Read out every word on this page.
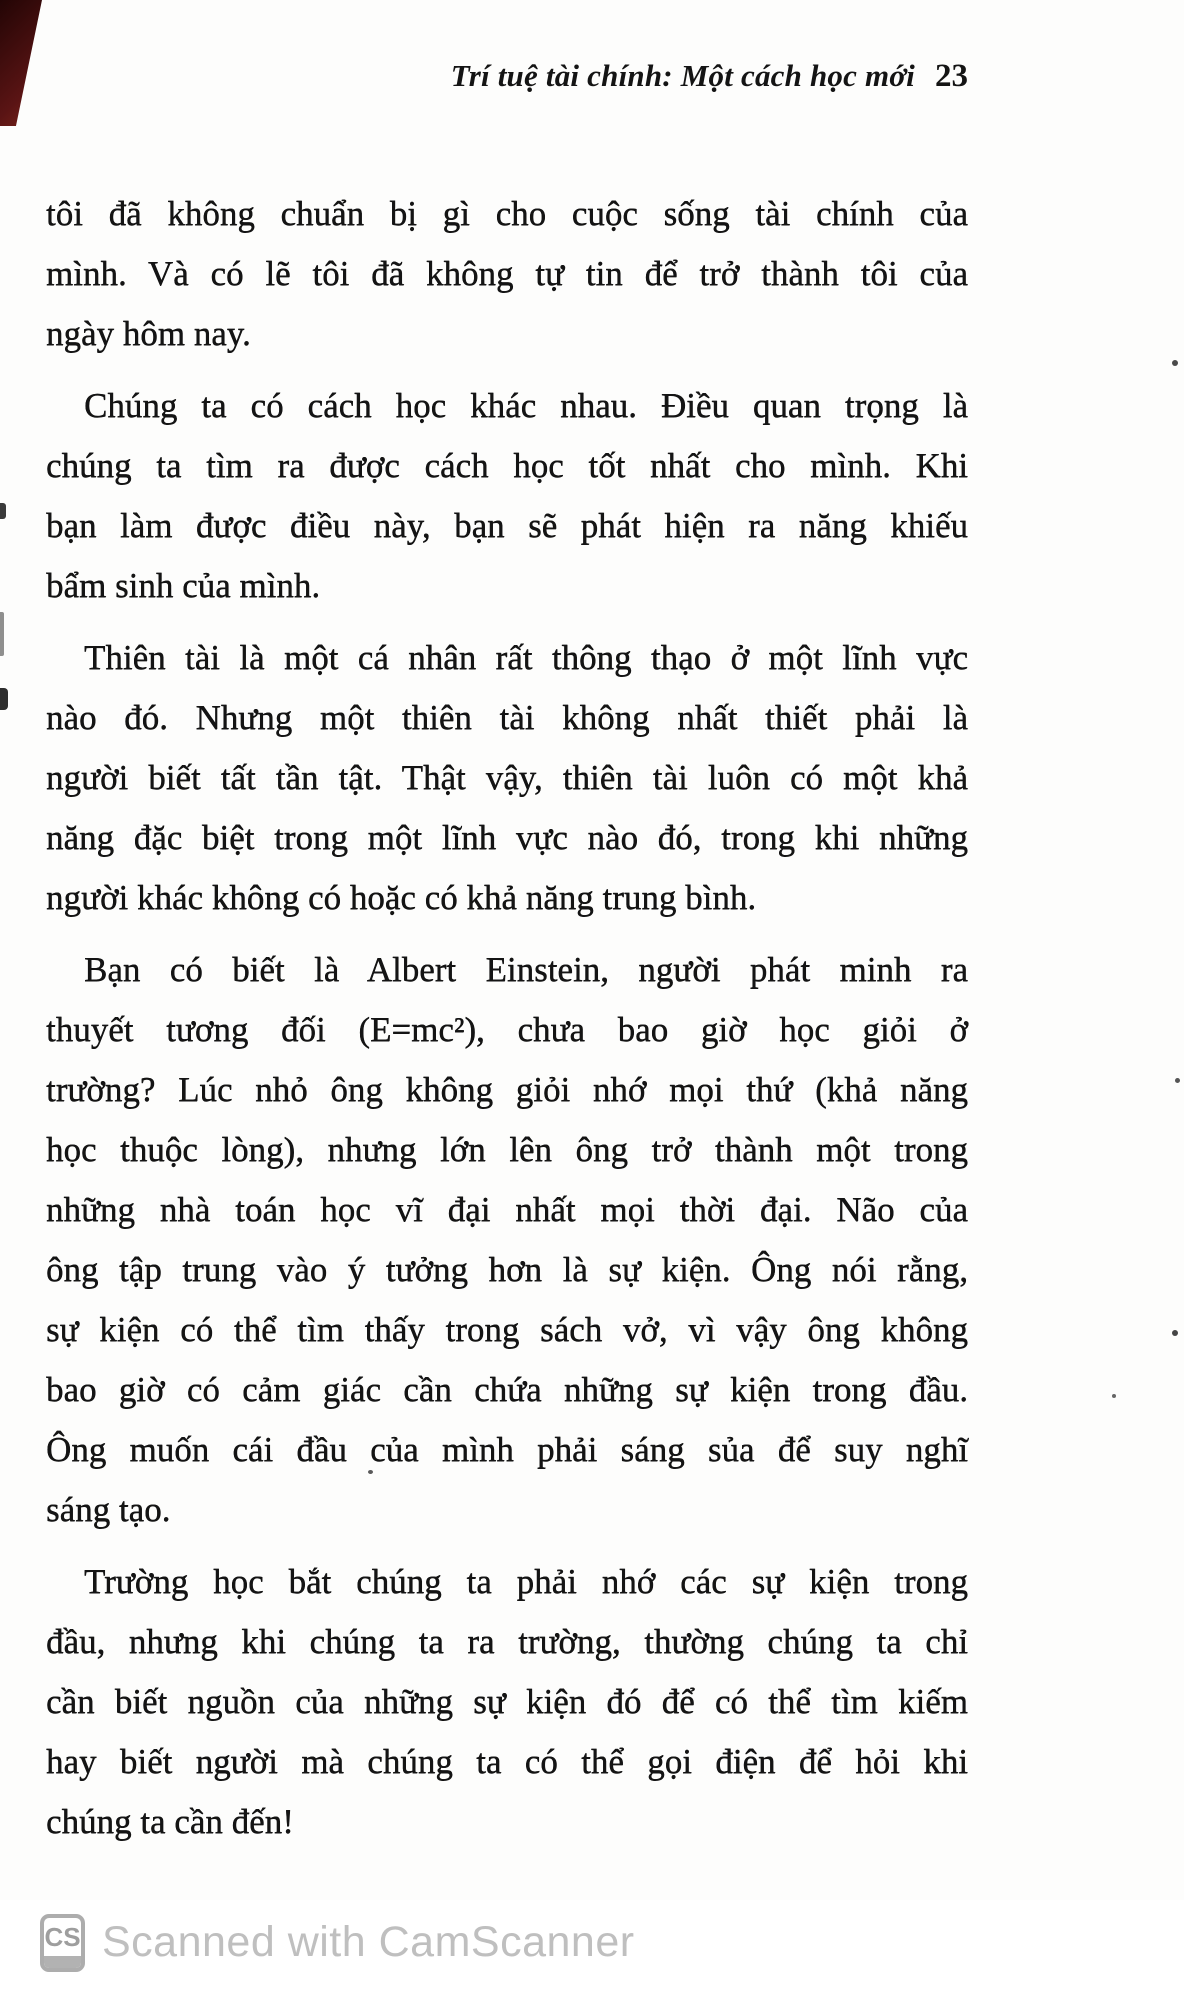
Trí tuệ tài chính: Một cách học mới 23
tôi đã không chuẩn bị gì cho cuộc sống tài chính của
mình. Và có lẽ tôi đã không tự tin để trở thành tôi của
ngày hôm nay.
Chúng ta có cách học khác nhau. Điều quan trọng là
chúng ta tìm ra được cách học tốt nhất cho mình. Khi
bạn làm được điều này, bạn sẽ phát hiện ra năng khiếu
bẩm sinh của mình.
Thiên tài là một cá nhân rất thông thạo ở một lĩnh vực
nào đó. Nhưng một thiên tài không nhất thiết phải là
người biết tất tần tật. Thật vậy, thiên tài luôn có một khả
năng đặc biệt trong một lĩnh vực nào đó, trong khi những
người khác không có hoặc có khả năng trung bình.
Bạn có biết là Albert Einstein, người phát minh ra
thuyết tương đối (E=mc²), chưa bao giờ học giỏi ở
trường? Lúc nhỏ ông không giỏi nhớ mọi thứ (khả năng
học thuộc lòng), nhưng lớn lên ông trở thành một trong
những nhà toán học vĩ đại nhất mọi thời đại. Não của
ông tập trung vào ý tưởng hơn là sự kiện. Ông nói rằng,
sự kiện có thể tìm thấy trong sách vở, vì vậy ông không
bao giờ có cảm giác cần chứa những sự kiện trong đầu.
Ông muốn cái đầu của mình phải sáng sủa để suy nghĩ
sáng tạo.
Trường học bắt chúng ta phải nhớ các sự kiện trong
đầu, nhưng khi chúng ta ra trường, thường chúng ta chỉ
cần biết nguồn của những sự kiện đó để có thể tìm kiếm
hay biết người mà chúng ta có thể gọi điện để hỏi khi
chúng ta cần đến!
CS Scanned with CamScanner
